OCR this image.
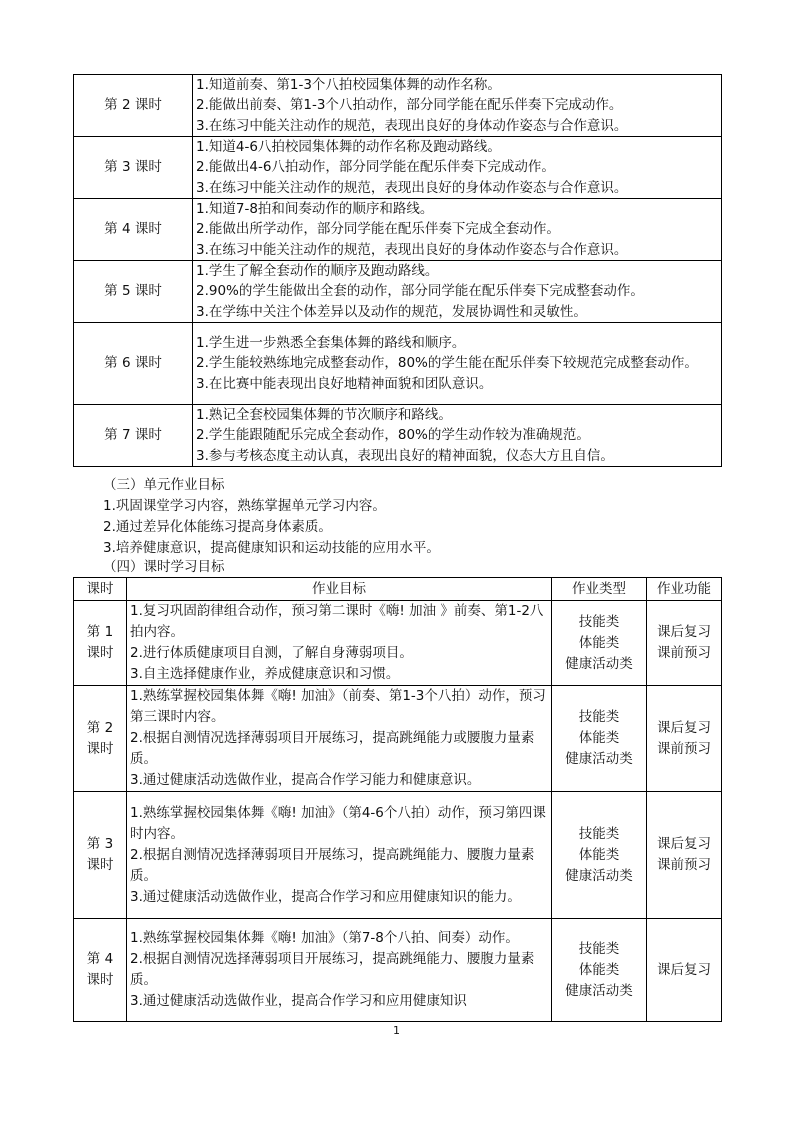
第 2 课时	1.知道前奏、第1-3个八拍校园集体舞的动作名称。
2.能做出前奏、第1-3个八拍动作，部分同学能在配乐伴奏下完成动作。
3.在练习中能关注动作的规范，表现出良好的身体动作姿态与合作意识。

第 3 课时	1.知道4-6八拍校园集体舞的动作名称及跑动路线。
2.能做出4-6八拍动作，部分同学能在配乐伴奏下完成动作。
3.在练习中能关注动作的规范，表现出良好的身体动作姿态与合作意识。

第 4 课时	1.知道7-8拍和间奏动作的顺序和路线。
2.能做出所学动作，部分同学能在配乐伴奏下完成全套动作。
3.在练习中能关注动作的规范，表现出良好的身体动作姿态与合作意识。

第 5 课时	1.学生了解全套动作的顺序及跑动路线。
2.90%的学生能做出全套的动作，部分同学能在配乐伴奏下完成整套动作。
3.在学练中关注个体差异以及动作的规范，发展协调性和灵敏性。

第 6 课时	1.学生进一步熟悉全套集体舞的路线和顺序。
2.学生能较熟练地完成整套动作，80%的学生能在配乐伴奏下较规范完成整套动作。
3.在比赛中能表现出良好地精神面貌和团队意识。

第 7 课时	1.熟记全套校园集体舞的节次顺序和路线。
2.学生能跟随配乐完成全套动作，80%的学生动作较为准确规范。
3.参与考核态度主动认真，表现出良好的精神面貌，仪态大方且自信。
（三）单元作业目标
1.巩固课堂学习内容，熟练掌握单元学习内容。
2.通过差异化体能练习提高身体素质。
3.培养健康意识，提高健康知识和运动技能的应用水平。
（四）课时学习目标
课时	作业目标	作业类型	作业功能

第 1
课时	1.复习巩固韵律组合动作，预习第二课时《嗨! 加油 》前奏、第1-2八拍内容。
2.进行体质健康项目自测，了解自身薄弱项目。
3.自主选择健康作业，养成健康意识和习惯。	技能类
体能类
健康活动类	课后复习
课前预习

第 2
课时	1.熟练掌握校园集体舞《嗨! 加油》（前奏、第1-3个八拍）动作，预习第三课时内容。
2.根据自测情况选择薄弱项目开展练习，提高跳绳能力或腰腹力量素质。
3.通过健康活动选做作业，提高合作学习能力和健康意识。	技能类
体能类
健康活动类	课后复习
课前预习

第 3
课时	1.熟练掌握校园集体舞《嗨! 加油》（第4-6个八拍）动作，预习第四课时内容。
2.根据自测情况选择薄弱项目开展练习，提高跳绳能力、腰腹力量素质。
3.通过健康活动选做作业，提高合作学习和应用健康知识的能力。	技能类
体能类
健康活动类	课后复习
课前预习

第 4
课时	1.熟练掌握校园集体舞《嗨! 加油》（第7-8个八拍、间奏）动作。
2.根据自测情况选择薄弱项目开展练习，提高跳绳能力、腰腹力量素质。
3.通过健康活动选做作业，提高合作学习和应用健康知识	技能类
体能类
健康活动类	课后复习
1
